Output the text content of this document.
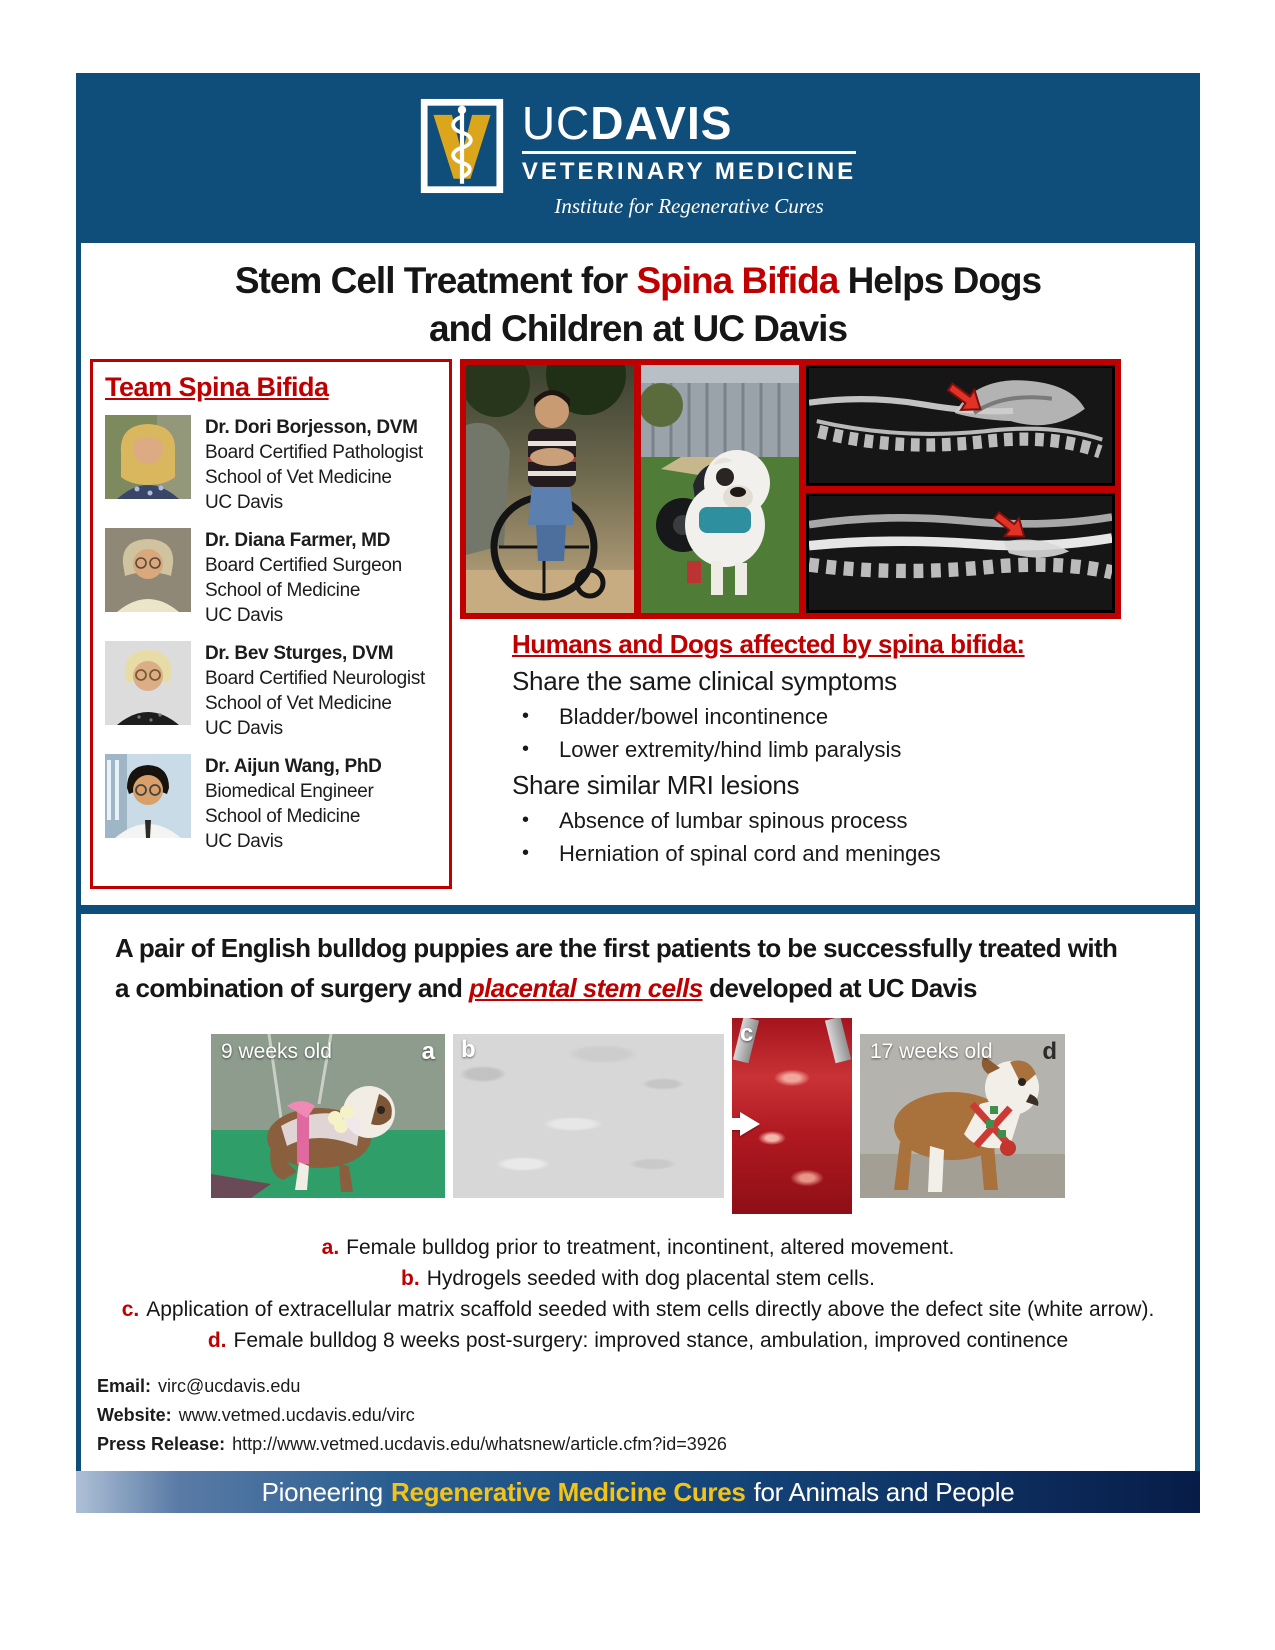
UCDAVIS
VETERINARY MEDICINE
Institute for Regenerative Cures
Stem Cell Treatment for Spina Bifida Helps Dogs
and Children at UC Davis
Team Spina Bifida
Dr. Dori Borjesson, DVM
Board Certified Pathologist
School of Vet Medicine
UC Davis
Dr. Diana Farmer, MD
Board Certified Surgeon
School of Medicine
UC Davis
Dr. Bev Sturges, DVM
Board Certified Neurologist
School of Vet Medicine
UC Davis
Dr. Aijun Wang, PhD
Biomedical Engineer
School of Medicine
UC Davis
Humans and Dogs affected by spina bifida:

Share the same clinical symptoms

• Bladder/bowel incontinence
• Lower extremity/hind limb paralysis

Share similar MRI lesions

• Absence of lumbar spinous process
• Herniation of spinal cord and meninges

A pair of English bulldog puppies are the first patients to be successfully treated with a combination of surgery and placental stem cells developed at UC Davis

9 weeks old	a b
c
17 weeks old d
a. Female bulldog prior to treatment, incontinent, altered movement.
b. Hydrogels seeded with dog placental stem cells.
c. Application of extracellular matrix scaffold seeded with stem cells directly above the defect site (white arrow).
d. Female bulldog 8 weeks post-surgery: improved stance, ambulation, improved continence
Email: virc@ucdavis.edu
Website: www.vetmed.ucdavis.edu/virc
Press Release: http://www.vetmed.ucdavis.edu/whatsnew/article.cfm?id=3926
Pioneering Regenerative Medicine Cures for Animals and People
